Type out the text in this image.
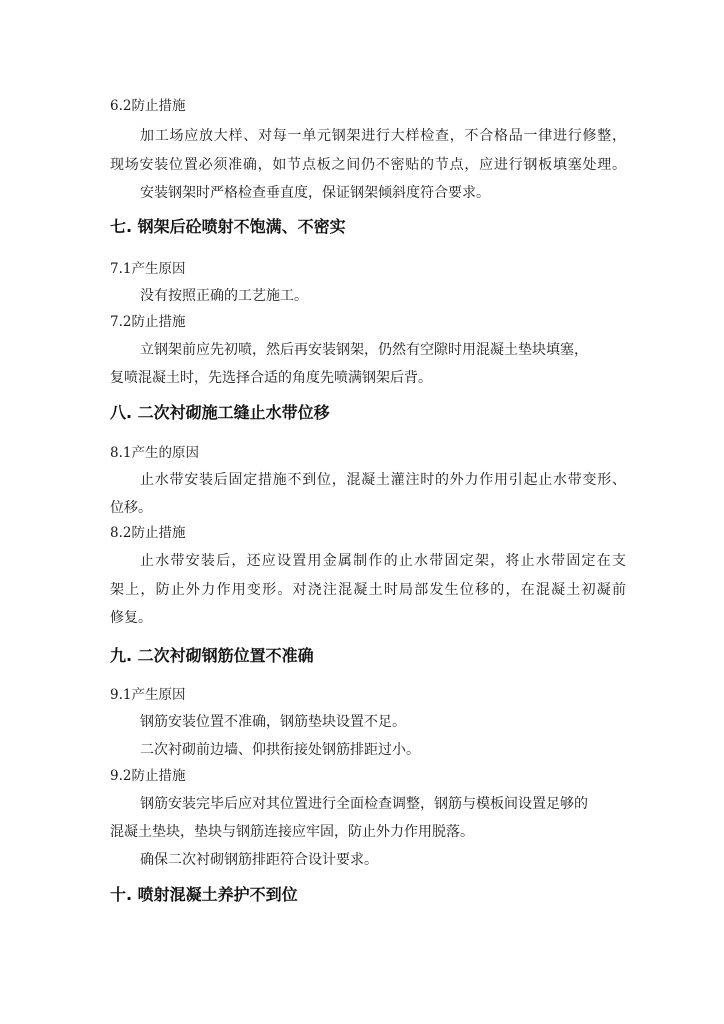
6.2防止措施
加工场应放大样、对每一单元钢架进行大样检查，不合格品一律进行修整，
现场安装位置必须准确，如节点板之间仍不密贴的节点，应进行钢板填塞处理。
安装钢架时严格检查垂直度，保证钢架倾斜度符合要求。
七. 钢架后砼喷射不饱满、不密实
7.1产生原因
没有按照正确的工艺施工。
7.2防止措施
立钢架前应先初喷，然后再安装钢架，仍然有空隙时用混凝土垫块填塞，
复喷混凝土时，先选择合适的角度先喷满钢架后背。
八. 二次衬砌施工缝止水带位移
8.1产生的原因
止水带安装后固定措施不到位，混凝土灌注时的外力作用引起止水带变形、
位移。
8.2防止措施
止水带安装后，还应设置用金属制作的止水带固定架，将止水带固定在支
架上，防止外力作用变形。对浇注混凝土时局部发生位移的，在混凝土初凝前
修复。
九. 二次衬砌钢筋位置不准确
9.1产生原因
钢筋安装位置不准确，钢筋垫块设置不足。
二次衬砌前边墙、仰拱衔接处钢筋排距过小。
9.2防止措施
钢筋安装完毕后应对其位置进行全面检查调整，钢筋与模板间设置足够的
混凝土垫块，垫块与钢筋连接应牢固，防止外力作用脱落。
确保二次衬砌钢筋排距符合设计要求。
十. 喷射混凝土养护不到位
